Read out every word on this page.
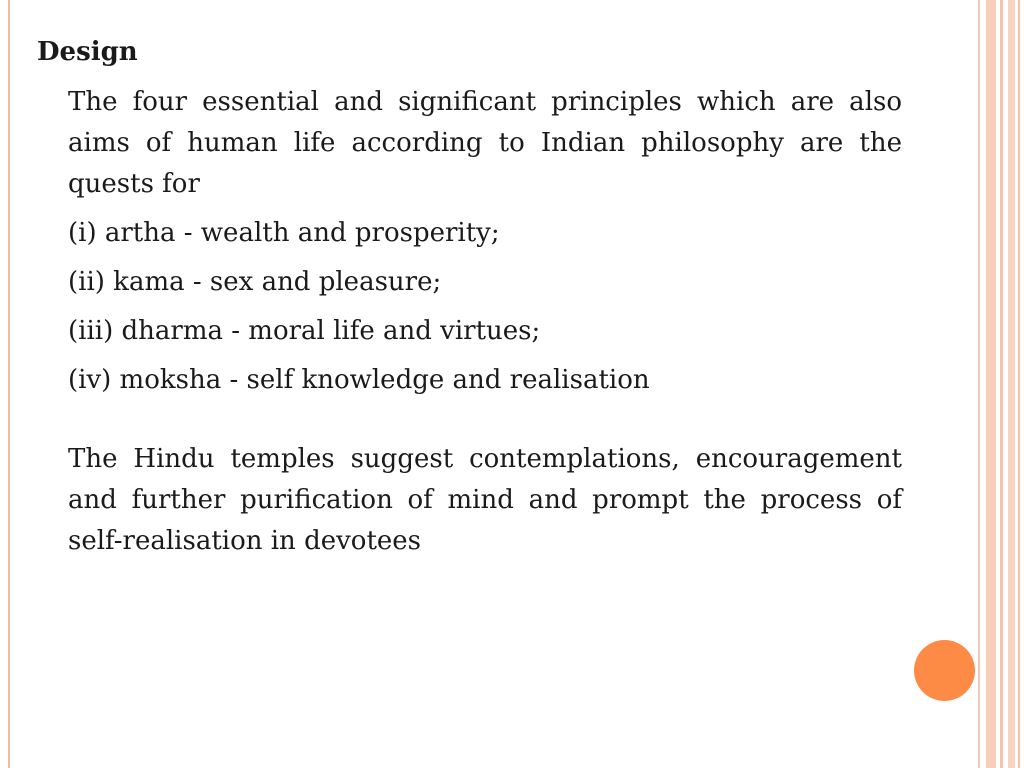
Design

The four essential and significant principles which are also aims of human life according to Indian philosophy are the quests for

(i) artha - wealth and prosperity;

(ii) kama - sex and pleasure;

(iii) dharma - moral life and virtues;

(iv) moksha - self knowledge and realisation

The Hindu temples suggest contemplations, encouragement and further purification of mind and prompt the process of self-realisation in devotees
